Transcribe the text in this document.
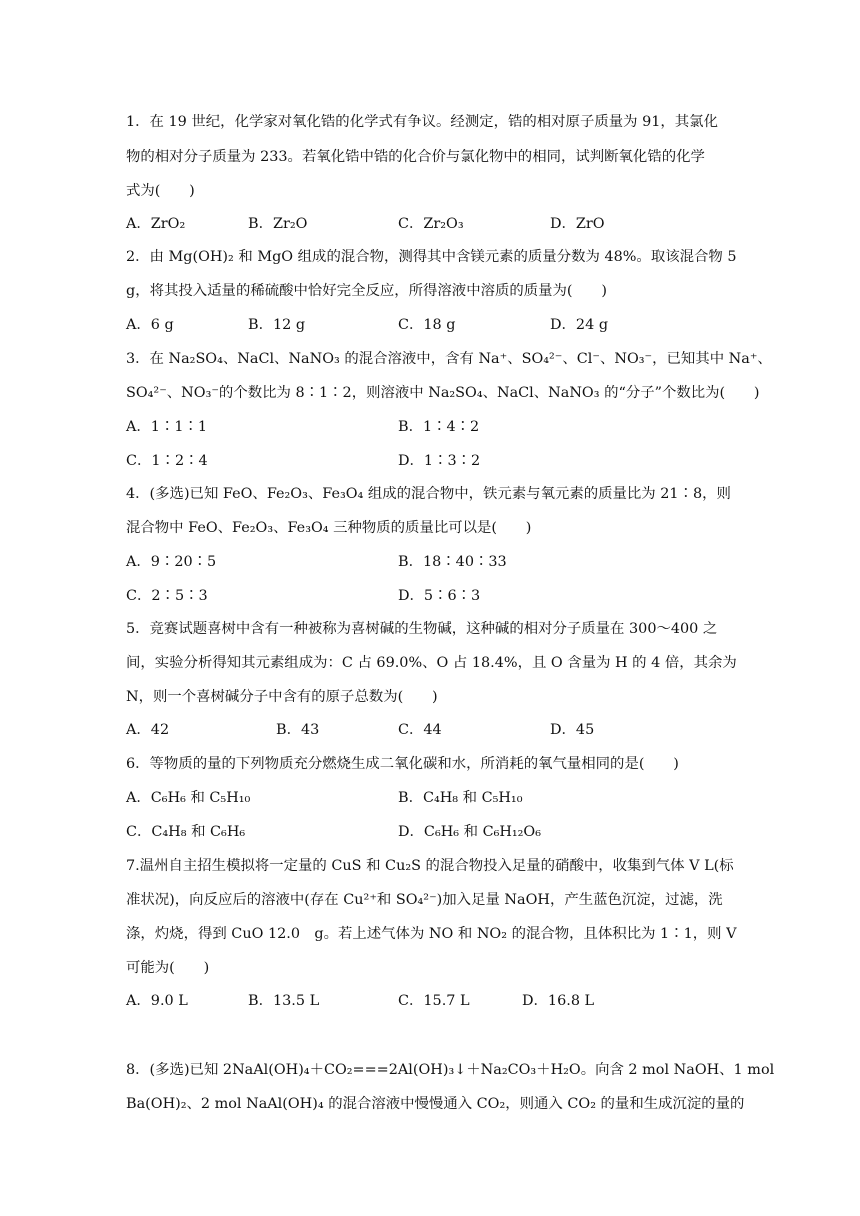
1．在 19 世纪，化学家对氧化锆的化学式有争议。经测定，锆的相对原子质量为 91，其氯化
物的相对分子质量为 233。若氧化锆中锆的化合价与氯化物中的相同，试判断氧化锆的化学
式为(　　)
A．ZrO₂	B．Zr₂O	C．Zr₂O₃	D．ZrO
2．由 Mg(OH)₂ 和 MgO 组成的混合物，测得其中含镁元素的质量分数为 48%。取该混合物 5
g，将其投入适量的稀硫酸中恰好完全反应，所得溶液中溶质的质量为(　　)
A．6 g	B．12 g	C．18 g	D．24 g
3．在 Na₂SO₄、NaCl、NaNO₃ 的混合溶液中，含有 Na⁺、SO₄²⁻、Cl⁻、NO₃⁻，已知其中 Na⁺、
SO₄²⁻、NO₃⁻的个数比为 8∶1∶2，则溶液中 Na₂SO₄、NaCl、NaNO₃ 的“分子”个数比为(　　)
A．1∶1∶1	B．1∶4∶2
C．1∶2∶4	D．1∶3∶2
4．(多选)已知 FeO、Fe₂O₃、Fe₃O₄ 组成的混合物中，铁元素与氧元素的质量比为 21∶8，则
混合物中 FeO、Fe₂O₃、Fe₃O₄ 三种物质的质量比可以是(　　)
A．9∶20∶5	B．18∶40∶33
C．2∶5∶3	D．5∶6∶3
5．竞赛试题喜树中含有一种被称为喜树碱的生物碱，这种碱的相对分子质量在 300～400 之
间，实验分析得知其元素组成为：C 占 69.0%、O 占 18.4%，且 O 含量为 H 的 4 倍，其余为
N，则一个喜树碱分子中含有的原子总数为(　　)
A．42	B．43	C．44	D．45
6．等物质的量的下列物质充分燃烧生成二氧化碳和水，所消耗的氧气量相同的是(　　)
A．C₆H₆ 和 C₅H₁₀	B．C₄H₈ 和 C₅H₁₀
C．C₄H₈ 和 C₆H₆	D．C₆H₆ 和 C₆H₁₂O₆
7.温州自主招生模拟将一定量的 CuS 和 Cu₂S 的混合物投入足量的硝酸中，收集到气体 V L(标
准状况)，向反应后的溶液中(存在 Cu²⁺和 SO₄²⁻)加入足量 NaOH，产生蓝色沉淀，过滤，洗
涤，灼烧，得到 CuO 12.0　g。若上述气体为 NO 和 NO₂ 的混合物，且体积比为 1∶1，则 V
可能为(　　)
A．9.0 L	B．13.5 L	C．15.7 L	D．16.8 L
8．(多选)已知 2NaAl(OH)₄＋CO₂===2Al(OH)₃↓＋Na₂CO₃＋H₂O。向含 2 mol NaOH、1 mol
Ba(OH)₂、2 mol NaAl(OH)₄ 的混合溶液中慢慢通入 CO₂，则通入 CO₂ 的量和生成沉淀的量的
